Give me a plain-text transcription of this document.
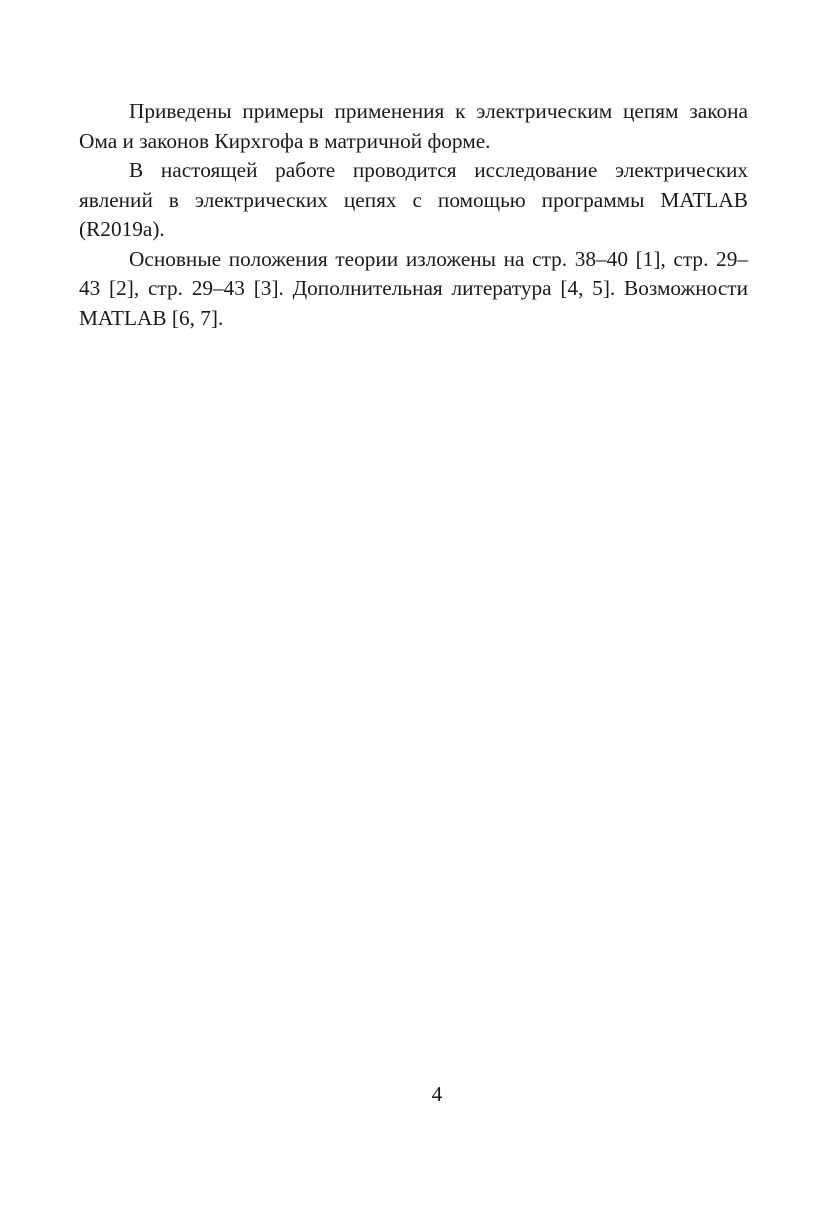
Приведены примеры применения к электрическим цепям закона Ома и законов Кирхгофа в матричной форме.

В настоящей работе проводится исследование электрических явлений в электрических цепях с помощью программы MATLAB (R2019a).

Основные положения теории изложены на стр. 38–40 [1], стр. 29–43 [2], стр. 29–43 [3]. Дополнительная литература [4, 5]. Возможности MATLAB [6, 7].

4
